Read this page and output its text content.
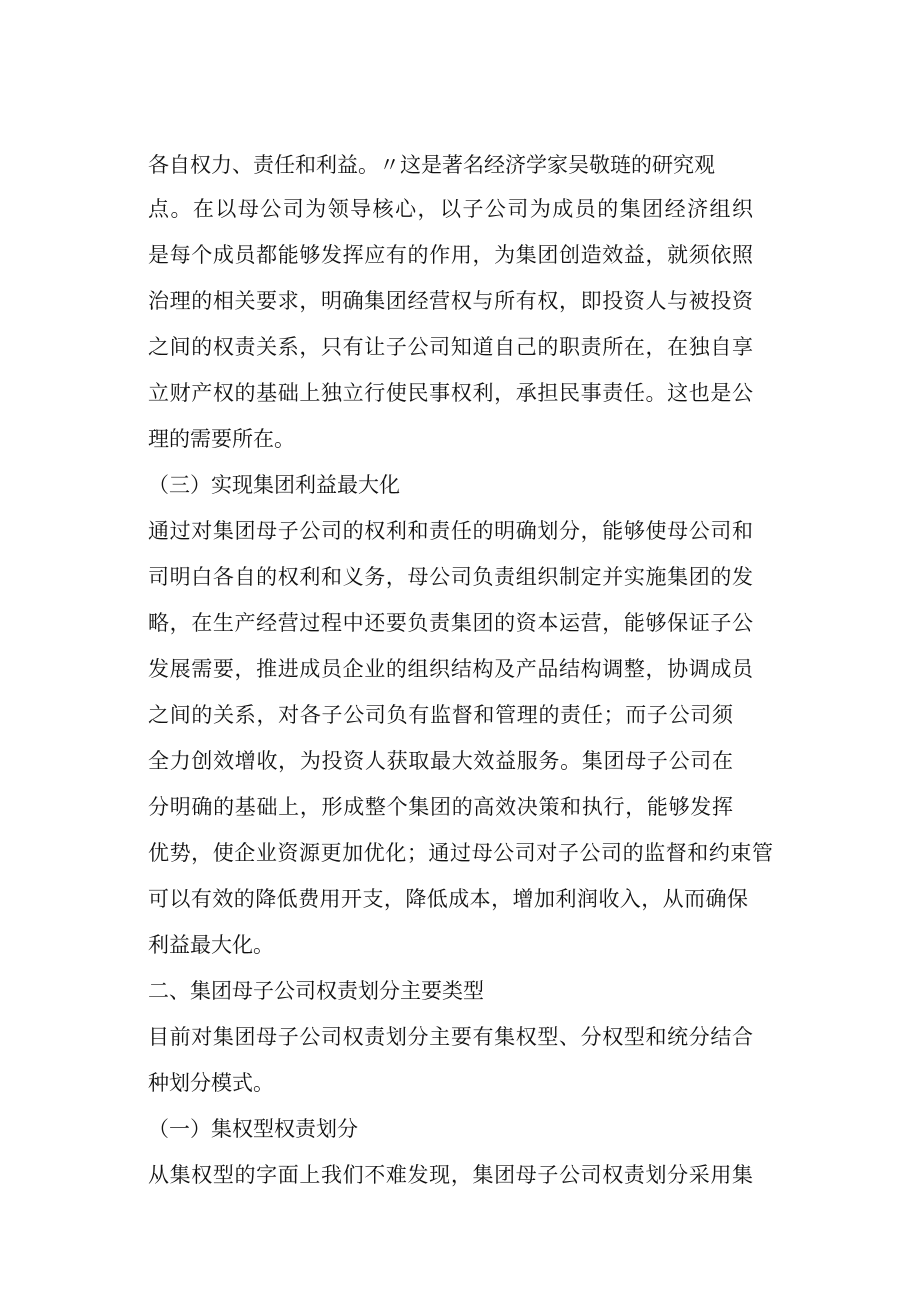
各自权力、责任和利益。〃这是著名经济学家吴敬琏的研究观

点。在以母公司为领导核心，以子公司为成员的集团经济组织

是每个成员都能够发挥应有的作用，为集团创造效益，就须依照

治理的相关要求，明确集团经营权与所有权，即投资人与被投资

之间的权责关系，只有让子公司知道自己的职责所在，在独自享

立财产权的基础上独立行使民事权利，承担民事责任。这也是公

理的需要所在。

（三）实现集团利益最大化

通过对集团母子公司的权利和责任的明确划分，能够使母公司和

司明白各自的权利和义务，母公司负责组织制定并实施集团的发

略，在生产经营过程中还要负责集团的资本运营，能够保证子公

发展需要，推进成员企业的组织结构及产品结构调整，协调成员

之间的关系，对各子公司负有监督和管理的责任；而子公司须

全力创效增收，为投资人获取最大效益服务。集团母子公司在

分明确的基础上，形成整个集团的高效决策和执行，能够发挥

优势，使企业资源更加优化；通过母公司对子公司的监督和约束管

可以有效的降低费用开支，降低成本，增加利润收入，从而确保

利益最大化。

二、集团母子公司权责划分主要类型

目前对集团母子公司权责划分主要有集权型、分权型和统分结合

种划分模式。

（一）集权型权责划分

从集权型的字面上我们不难发现，集团母子公司权责划分采用集
